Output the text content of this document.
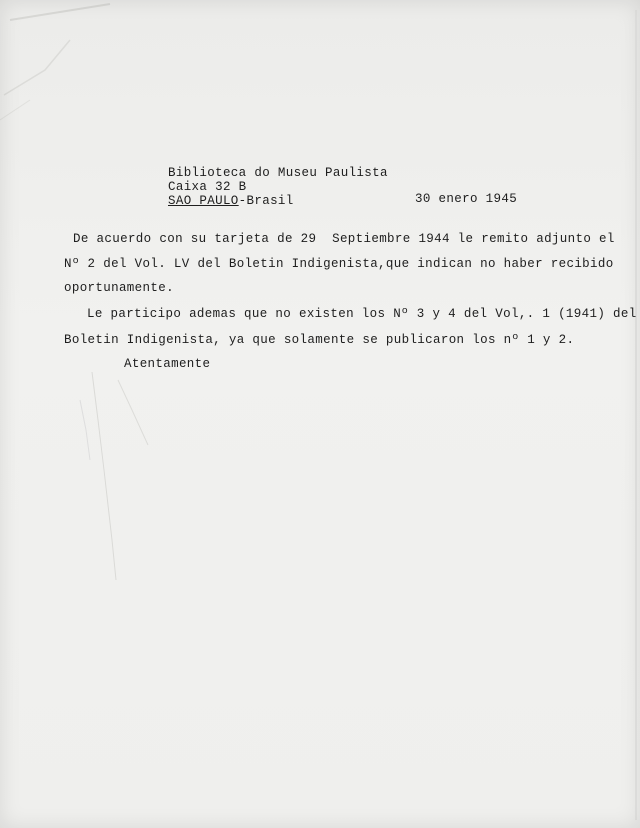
Biblioteca do Museu Paulista
Caixa 32 B
SAO PAULO-Brasil	30 enero 1945
De acuerdo con su tarjeta de 29  Septiembre 1944 le remito adjunto el
Nº 2 del Vol. LV del Boletin Indigenista,que indican no haber recibido
oportunamente.
Le participo ademas que no existen los Nº 3 y 4 del Vol,. 1 (1941) del
Boletin Indigenista, ya que solamente se publicaron los nº 1 y 2.
Atentamente
